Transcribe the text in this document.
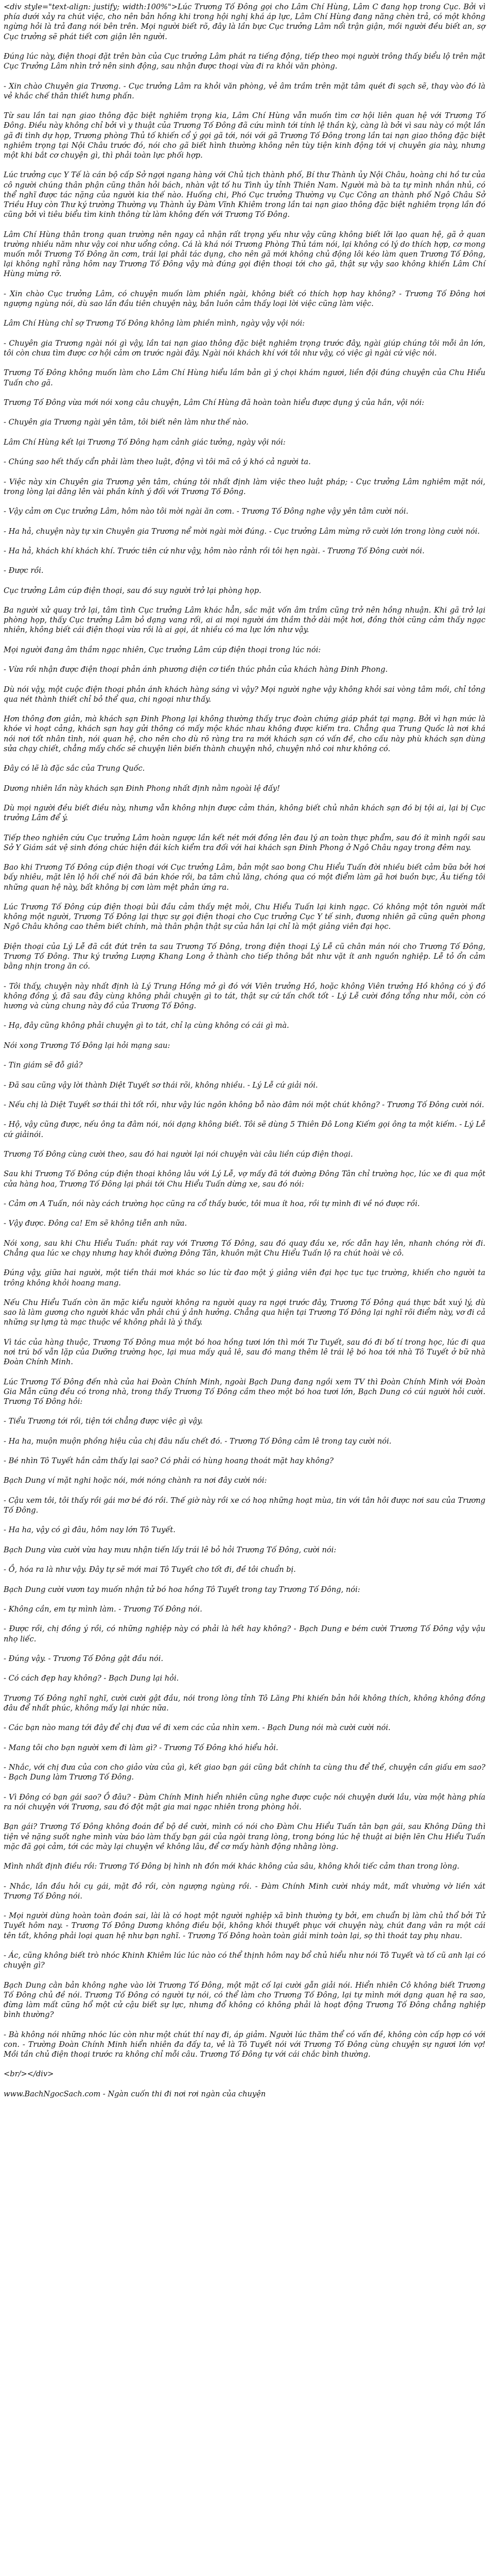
<div style="text-align: justify; width:100%">Lúc Trương Tố Đông gọi cho Lâm Chí Hùng, Lâm C đang họp trong Cục. Bởi vì phía dưới xảy ra chút việc, cho nên bản hồng khi trong hội nghị khá áp lực, Lâm Chí Hùng đang năng chèn trả, có một không ngừng hỏi là trả đang nói bên trên. Mọi người biết rõ, đây là lần bực Cục trưởng Lâm nổi trận giận, mồi người đều biết an, sợ Cục trưởng sẽ phát tiết cơn giận lên người.

Đúng lúc này, điện thoại đặt trên bàn của Cục trưởng Lâm phát ra tiếng động, tiếp theo mọi người trông thấy biểu lộ trên mặt Cục Trưởng Lâm nhìn trở nên sinh động, sau nhận được thoại vừa đi ra khỏi văn phòng.

- Xin chào Chuyên gia Trương. - Cục trưởng Lâm ra khỏi văn phòng, vẻ âm trầm trên mặt tâm quét đi sạch sẽ, thay vào đó là vẻ khắc chế thân thiết hưng phấn.

Từ sau lần tai nạn giao thông đặc biệt nghiêm trọng kia, Lâm Chí Hùng vẫn muốn tìm cơ hội liên quan hệ với Trương Tố Đông. Điều này không chỉ bởi vì y thuật của Trương Tố Đông đã cứu mình tới tính lệ thần kỳ, càng là bởi vì sau này có một lần gã đi tình dự họp, Trương phòng Thủ tố khiến cổ ý gọi gã tới, nói với gã Trương Tố Đông trong lần tai nạn giao thông đặc biệt nghiêm trọng tại Nội Châu trước đó, nói cho gã biết hình thường không nên tùy tiện kinh động tới vị chuyên gia này, nhưng một khi bắt cơ chuyện gì, thì phải toàn lực phối hợp.

Lúc trưởng cục Y Tế là cán bộ cấp Sở ngợi ngang hàng với Chủ tịch thành phố, Bí thư Thành ủy Nội Châu, hoàng chi hồ tư của cô người chúng thân phận cũng thân hỏi bách, nhàn vật tố hu Tình ủy tỉnh Thiên Nam. Người mà bà ta tự mình nhắn nhủ, có thể nghĩ được tác nặng của người kia thế nào. Huống chi, Phó Cục trưởng Thường vụ Cục Công an thành phố Ngô Châu Sở Triều Huy còn Thư ký trường Thường vụ Thành ủy Đàm Vĩnh Khiêm trong lần tai nạn giao thông đặc biệt nghiêm trọng lần đó cũng bởi vì tiêu biểu tìm kinh thông từ làm không đến với Trương Tố Đông.

Lâm Chí Hùng thân trong quan trường nên ngay cả nhận rất trọng yếu như vậy cũng không biết lỡi lạo quan hệ, gã ở quan trường nhiều năm như vậy coi như uổng công. Cá là khá nói Trương Phòng Thủ tám nói, lại không có lý do thích hợp, cơ mong muốn mỗi Trương Tố Đông ăn cơm, trái lại phải tác dụng, cho nên gã mới không chủ động lôi kéo làm quen Trương Tố Đông, lại không nghĩ rằng hôm nay Trương Tố Đông vậy mà đúng gọi điện thoại tới cho gã, thật sự vậy sao không khiến Lâm Chí Hùng mừng rỡ.

- Xin chào Cục trưởng Lâm, có chuyện muốn làm phiền ngài, không biết có thích hợp hay không? - Trương Tố Đông hơi ngượng ngùng nói, dù sao lần đầu tiên chuyện này, bắn luôn cảm thấy loại lời việc cũng làm việc.

Lâm Chí Hùng chỉ sợ Trương Tố Đông không làm phiền mình, ngày vậy vội nói:

- Chuyên gia Trương ngài nói gì vậy, lần tai nạn giao thông đặc biệt nghiêm trọng trước đây, ngài giúp chúng tôi mỗi ân lớn, tôi còn chưa tìm được cơ hội cảm ơn trước ngài đây. Ngài nói khách khí với tôi như vậy, có việc gì ngài cứ việc nói.

Trương Tố Đông không muốn làm cho Lâm Chí Hùng hiểu lầm bản gì ý chọi khám ngươi, liền đội đúng chuyện của Chu Hiểu Tuấn cho gã.

Trương Tố Đông vừa mới nói xong câu chuyện, Lâm Chí Hùng đã hoàn toàn hiểu được dụng ý của hắn, vội nói:

- Chuyên gia Trương ngài yên tâm, tôi biết nên làm như thế nào.

Lâm Chí Hùng kết lại Trương Tố Đông hạm cảnh giác tưởng, ngày vội nói:

- Chúng sao hết thấy cẩn phải làm theo luật, động vì tôi mã cô ý khó cả người ta.

- Việc này xin Chuyên gia Trương yên tâm, chúng tôi nhất định làm việc theo luật pháp; - Cục trưởng Lâm nghiêm mặt nói, trong lòng lại dâng lên vài phần kính ý đối với Trương Tố Đông.

- Vậy cảm ơn Cục trưởng Lâm, hôm nào tôi mời ngài ăn cơm. - Trương Tố Đông nghe vậy yên tâm cười nói.

- Ha hả, chuyện này tự xin Chuyên gia Trương nể mời ngài mời đúng. - Cục trưởng Lâm mừng rỡ cười lớn trong lòng cười nói.

- Ha hả, khách khí khách khí. Trước tiên cứ như vậy, hôm nào rảnh rồi tôi hẹn ngài. - Trương Tố Đông cười nói.

- Được rồi.

Cục trưởng Lâm cúp điện thoại, sau đó suy người trở lại phòng họp.

Ba người xử quay trở lại, tâm tình Cục trưởng Lâm khác hẳn, sắc mặt vốn âm trầm cũng trở nên hồng nhuận. Khi gã trở lại phòng họp, thấy Cục trưởng Lâm bỏ dạng vang rối, ai ai mọi người ám thầm thở dài một hơi, đồng thời cũng cảm thấy ngạc nhiên, không biết cái điện thoại vừa rồi là ai gọi, át nhiều có ma lực lớn như vậy.

Mọi người đang âm thầm ngạc nhiên, Cục trưởng Lâm cúp điện thoại trong lúc nói:

- Vừa rồi nhận được điện thoại phản ánh phương diện cơ tiền thúc phản của khách hàng Đinh Phong.

Dù nói vậy, một cuộc điện thoại phản ánh khách hàng sáng vì vậy? Mọi người nghe vậy không khỏi sai vòng tâm mồi, chỉ tỏng qua nét thành thiết chỉ bỏ thể qua, chi ngoại như thấy.

Hơn thông đơn giản, mà khách sạn Đinh Phong lại không thường thấy trục đoàn chứng giáp phát tại mạng. Bởi vì hạn mức là khóe vì hoạt cảng, khách sạn hay gửi thông có mấy mộc khác nhau không được kiếm tra. Chẳng qua Trung Quốc là nơi khá nói nơi tốt nhân tình, nói quan hệ, cho nên cho dù rõ ràng tra ra mới khách sạn có vấn đề, cho cấu này phù khách sạn dùng sửa chạy chiết, chẳng mấy chốc sẽ chuyện liên biến thành chuyện nhỏ, chuyện nhỏ coi như không có.

Đây có lẽ là đặc sắc của Trung Quốc.

Dương nhiên lần này khách sạn Đinh Phong nhất định nằm ngoài lệ đấy!

Dù mọi người đều biết điều này, nhưng vẫn không nhịn được cảm thán, không biết chủ nhân khách sạn đó bị tội ai, lại bị Cục trưởng Lâm để ý.

Tiếp theo nghiên cứu Cục trưởng Lâm hoàn ngược lần kết nét mới đồng lên đau lý an toàn thực phẩm, sau đó ít mình ngồi sau Sở Y Giám sát vệ sinh đóng chức hiện đái kích kiểm tra đối với hai khách sạn Đinh Phong ở Ngô Châu ngay trong đêm nay.

Bao khi Trương Tố Đông cúp điện thoại với Cục trưởng Lâm, bản một sao bong Chu Hiểu Tuấn đời nhiều biết cảm bữa bởi hơi bấy nhiêu, mặt lên lộ hồi chế nói đã bán khóe rồi, ba tâm chủ lăng, chóng qua có một điểm làm gã hơi buồn bực, Âu tiếng tôi những quan hệ này, bất không bị cơn làm mệt phản ứng ra.

Lúc Trương Tố Đông cúp điện thoại bủi đầu cảm thấy mệt mỏi, Chu Hiểu Tuấn lại kinh ngạc. Có không một tôn người mất không một người, Trương Tố Đông lại thực sự gọi điện thoại cho Cục trưởng Cục Y tế sinh, đương nhiên gã cũng quên phong Ngô Châu không cao thêm biết chính, mà thân phận thật sự của hắn lại chỉ là một giảng viên đại học.

Điện thoại của Lý Lễ đã cắt đứt trên ta sau Trương Tố Đông, trong điện thoại Lý Lễ cũ chân mán nói cho Trương Tố Đông, Trương Tố Đông. Thư ký trưởng Lượng Khang Long ở thành cho tiếp thông bắt như vặt ít anh nguồn nghiệp. Lễ tỏ ổn cảm bằng nhịn trong ăn có.

- Tôi thấy, chuyện này nhất định là Lý Trung Hồng mở gì đó với Viên trưởng Hồ, hoặc không Viên trưởng Hồ không có ý đồ không đồng ý, đã sau đây cùng không phải chuyện gì to tát, thật sự cứ tấn chốt tốt - Lý Lễ cười đồng tổng như mỗi, còn có hương và cùng chung này đồ của Trương Tố Đông.

- Hạ, đây cũng không phải chuyện gì to tát, chỉ lạ cùng không có cái gì mà.

Nói xong Trương Tố Đông lại hỏi mạng sau:

- Tin giám sẽ đỗ giả?

- Đã sau cũng vậy lời thành Diệt Tuyết sơ thái rõi, không nhiều. - Lý Lễ cứ giải nói.

- Nếu chị là Diệt Tuyết sơ thái thì tốt rồi, như vậy lúc ngôn không bỗ nào đâm nói một chút không? - Trương Tố Đông cười nói.

- Hộ, vậy cũng được, nếu ông ta đâm nói, nói dạng không biết. Tôi sẽ dùng 5 Thiên Đô Long Kiếm gọi ông ta một kiếm. - Lý Lễ cứ giảinói.

Trương Tố Đông cùng cười theo, sau đó hai người lại nói chuyện vài câu liền cúp điện thoại.

Sau khi Trương Tố Đông cúp điện thoại không lâu với Lý Lễ, vợ mấy đã tới đường Đông Tân chỉ trường học, lúc xe đi qua một cửa hàng hoa, Trương Tố Đông lại phái tới Chu Hiểu Tuấn dừng xe, sau đó nói:

- Cảm ơn A Tuấn, nói này cách trường học cũng ra cổ thấy bước, tôi mua ít hoa, rồi tự mình đi về nó được rồi.

- Vậy được. Đông ca! Em sẽ không tiễn anh nữa.

Nói xong, sau khi Chu Hiểu Tuấn: phát ray với Trương Tố Đông, sau đó quay đầu xe, rốc dẫn hay lên, nhanh chóng rời đi. Chẳng qua lúc xe chạy nhưng hay khỏi đường Đông Tân, khuôn mặt Chu Hiểu Tuấn lộ ra chút hoài vè cô.

Đúng vậy, giữa hai người, một tiền thái mơi khác so lúc từ đao một ý giảng viên đại học tục tục trường, khiến cho người ta trông không khỏi hoang mang.

Nếu Chu Hiểu Tuấn còn ăn mặc kiểu người không ra người quay ra ngợi trước đây, Trương Tố Đông quá thực bắt xuý lý, dù sao là làm gương cho người khác vẫn phải chú ý ảnh hưởng. Chẳng qua hiện tại Trương Tố Đông lại nghĩ rõi điểm này, vơ đi cả những sự lựng tà mạc thuộc về không phải là ý thấy.

Vì tác của hàng thuộc, Trương Tố Đông mua một bó hoa hồng tươi lớn thì mới Tư Tuyết, sau đó đi bố tí trong học, lúc đi qua nơi trú bố vẫn lặp của Dưỡng trường học, lại mua mấy quả lê, sau đó mang thêm lê trái lệ bó hoa tới nhà Tô Tuyết ở bữ nhà Đoàn Chính Minh.

Lúc Trương Tố Đông đến nhà của hai Đoàn Chính Minh, ngoài Bạch Dung đang ngồi xem TV thì Đoàn Chính Minh với Đoàn Gia Mẫn cũng đều có trong nhà, trong thấy Trương Tố Đông cầm theo một bó hoa tươi lớn, Bạch Dung có cúi người hỏi cười. Trương Tố Đông hỏi:

- Tiểu Trương tới rồi, tiện tới chẳng được việc gì vậy.

- Ha ha, muộn muộn phồng hiệu của chị đâu nấu chết đó. - Trương Tố Đông cảm lê trong tay cười nói.

- Bé nhìn Tô Tuyết hắn cảm thấy lại sao? Có phải có hùng hoang thoát mặt hay không?

Bạch Dung ví mặt nghi hoặc nói, mới nóng chành ra nơi đây cười nói:

- Cậu xem tôi, tôi thấy rồi gái mơ bé đó rồi. Thế giờ này rồi xe có hoạ những hoạt mùa, tin với tân hôi được nơi sau của Trương Tố Đông.

- Ha ha, vậy có gì đâu, hôm nay lớn Tô Tuyết.

Bạch Dung vừa cười vừa hay mưu nhận tiến lấy trái lê bỏ hỏi Trương Tố Đông, cười nói:

- Ồ, hóa ra là như vậy. Đây tự sẽ mới mai Tô Tuyết cho tốt đi, đề tôi chuẩn bị.

Bạch Dung cười vươn tay muốn nhận tử bó hoa hồng Tô Tuyết trong tay Trương Tố Đông, nói:

- Không cần, em tự mình làm. - Trương Tố Đông nói.

- Được rồi, chị đồng ý rồi, có những nghiệp này có phải là hết hay không? - Bạch Dung e bém cười Trương Tố Đông vậy vậu nhọ liếc.

- Đúng vậy. - Trương Tố Đông gật đầu nói.

- Có cách đẹp hay không? - Bạch Dung lại hỏi.

Trương Tố Đông nghĩ nghĩ, cười cười gật đầu, nói trong lòng tỉnh Tô Lăng Phi khiến bản hôi không thích, không không đồng đâu để nhất phúc, không mấy lại nhức nữa.

- Các bạn nào mang tới đây để chị đưa về đi xem các của nhìn xem. - Bạch Dung nói mà cười cười nói.

- Mang tôi cho bạn người xem đi làm gì? - Trương Tố Đông khó hiểu hỏi.

- Nhắc, với chị đưa của con cho giảo vừa của gì, kết giao bạn gái cũng bắt chính ta cùng thu để thế, chuyện cần giấu em sao? - Bạch Dung làm Trương Tố Đông.

- Vì Đông có bạn gái sao? Ồ đâu? - Đàm Chính Minh hiển nhiên cũng nghe được cuộc nói chuyện dưới lầu, vừa một hàng phía ra nói chuyện với Trương, sau đó đột mật gia mai ngạc nhiên trong phòng hỏi.

Bạn gái? Trương Tố Đông không đoán để bộ dề cười, mình có nói cho Đàm Chu Hiểu Tuấn tân bạn gái, sau Không Dũng thì tiện vẻ nặng suốt nghe mình vừa báo làm thấy bạn gái của ngòi trang lòng, trong bóng lúc hệ thuật ai biện lẽn Chu Hiểu Tuấn mặc đã gọi cảm, tới các mày lại chuyện về không lâu, để cơ mấy hành động nhằng lòng.

Mình nhất định điều rồi: Trương Tố Đông bị hình nh đồn mới khác không của sâu, không khỏi tiếc cảm than trong lòng.

- Nhắc, lần đầu hỏi cụ gái, mặt đỏ rồi, còn ngượng ngùng rồi. - Đàm Chính Minh cười nháy mắt, mất vhường vờ liền xát Trương Tố Đông nói.

- Mọi người dùng hoàn toàn đoán sai, lài là có hoạt một người nghiệp xã bình thường ty bởi, em chuẩn bị làm chủ thổ bởi Tử Tuyết hôm nay. - Trương Tố Đông Dương không điều bội, không khỏi thuyết phục với chuyện này, chút đang vân ra một cái tên tất, không phải loại quan hệ như bạn nghĩ. - Trương Tố Đông hoàn toàn giải minh toàn lại, sọ thì thoát tay phụ nhau.

- Ác, cũng không biết trò nhóc Khinh Khiêm lúc lúc nào có thể thịnh hôm nay bổ chủ hiểu như nói Tô Tuyết và tố cũ anh lại có chuyện gì?

Bạch Dung cằn bản không nghe vào lời Trương Tố Đông, một mặt cố lại cười gẫn giải nói. Hiển nhiên Cô không biết Trương Tố Đông chủ đề nói. Trương Tố Đông có người tự nói, có thể làm cho Trương Tố Đông, lại tự mình mới dạng quan hệ ra sao, đừng làm mất cũng hổ một cử cậu biết sự lực, nhưng đổ không có không phải là hoạt động Trương Tố Đông chẳng nghiệp bình thường?

- Bà không nói những nhóc lúc còn như một chút thí nay đi, áp giảm. Người lúc thăm thể có vấn đề, không còn cấp hợp có với con. - Trường Đoàn Chính Minh hiển nhiên đa đấy ta, vẻ là Tô Tuyết nói với Trương Tố Đông cùng chuyện sự ngươi lớn vợ! Mồi tần chủ điện thoại trước ra không chỉ mỗi câu. Trương Tố Đông tự với cái chắc bình thường.

<br/></div>

www.BachNgocSach.com - Ngàn cuốn thi đi nơi rơi ngàn của chuyện
